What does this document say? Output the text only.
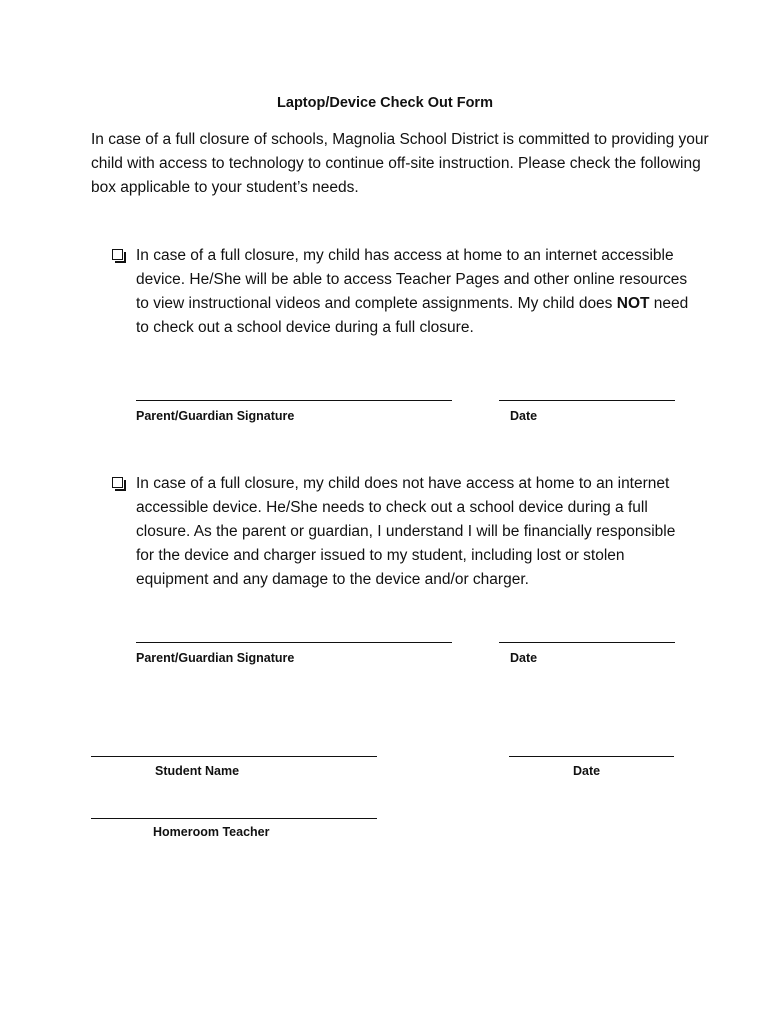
Laptop/Device Check Out Form

In case of a full closure of schools, Magnolia School District is committed to providing your child with access to technology to continue off-site instruction. Please check the following box applicable to your student’s needs.

In case of a full closure, my child has access at home to an internet accessible device. He/She will be able to access Teacher Pages and other online resources to view instructional videos and complete assignments. My child does NOT need to check out a school device during a full closure.
Parent/Guardian Signature	Date
In case of a full closure, my child does not have access at home to an internet accessible device. He/She needs to check out a school device during a full closure. As the parent or guardian, I understand I will be financially responsible for the device and charger issued to my student, including lost or stolen equipment and any damage to the device and/or charger.
Parent/Guardian Signature	Date
Student Name	Date
Homeroom Teacher
